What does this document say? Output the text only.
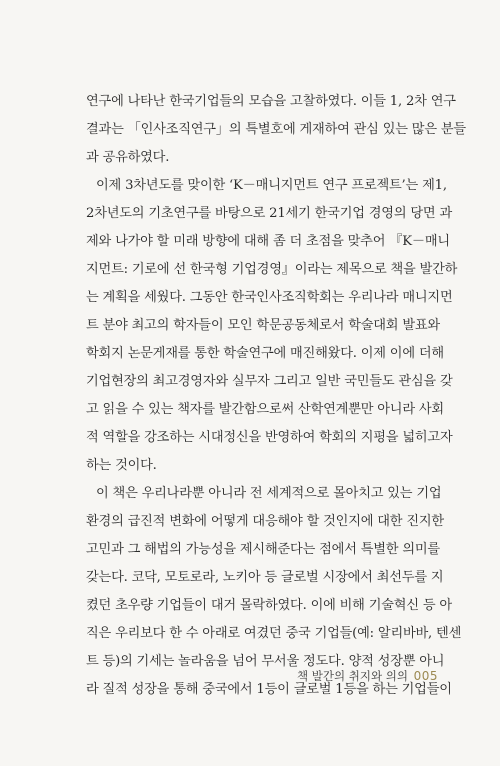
연구에 나타난 한국기업들의 모습을 고찰하였다. 이들 1, 2차 연구
결과는 「인사조직연구」의 특별호에 게재하여 관심 있는 많은 분들
과 공유하였다.
이제 3차년도를 맞이한 ‘K－매니지먼트 연구 프로젝트’는 제1,
2차년도의 기초연구를 바탕으로 21세기 한국기업 경영의 당면 과
제와 나가야 할 미래 방향에 대해 좀 더 초점을 맞추어 『K－매니
지먼트: 기로에 선 한국형 기업경영』이라는 제목으로 책을 발간하
는 계획을 세웠다. 그동안 한국인사조직학회는 우리나라 매니지먼
트 분야 최고의 학자들이 모인 학문공동체로서 학술대회 발표와
학회지 논문게재를 통한 학술연구에 매진해왔다. 이제 이에 더해
기업현장의 최고경영자와 실무자 그리고 일반 국민들도 관심을 갖
고 읽을 수 있는 책자를 발간함으로써 산학연계뿐만 아니라 사회
적 역할을 강조하는 시대정신을 반영하여 학회의 지평을 넓히고자
하는 것이다.
이 책은 우리나라뿐 아니라 전 세계적으로 몰아치고 있는 기업
환경의 급진적 변화에 어떻게 대응해야 할 것인지에 대한 진지한
고민과 그 해법의 가능성을 제시해준다는 점에서 특별한 의미를
갖는다. 코닥, 모토로라, 노키아 등 글로벌 시장에서 최선두를 지
켰던 초우량 기업들이 대거 몰락하였다. 이에 비해 기술혁신 등 아
직은 우리보다 한 수 아래로 여겼던 중국 기업들(예: 알리바바, 텐센
트 등)의 기세는 놀라움을 넘어 무서울 정도다. 양적 성장뿐 아니
라 질적 성장을 통해 중국에서 1등이 글로벌 1등을 하는 기업들이
책 발간의 취지와 의의 005
